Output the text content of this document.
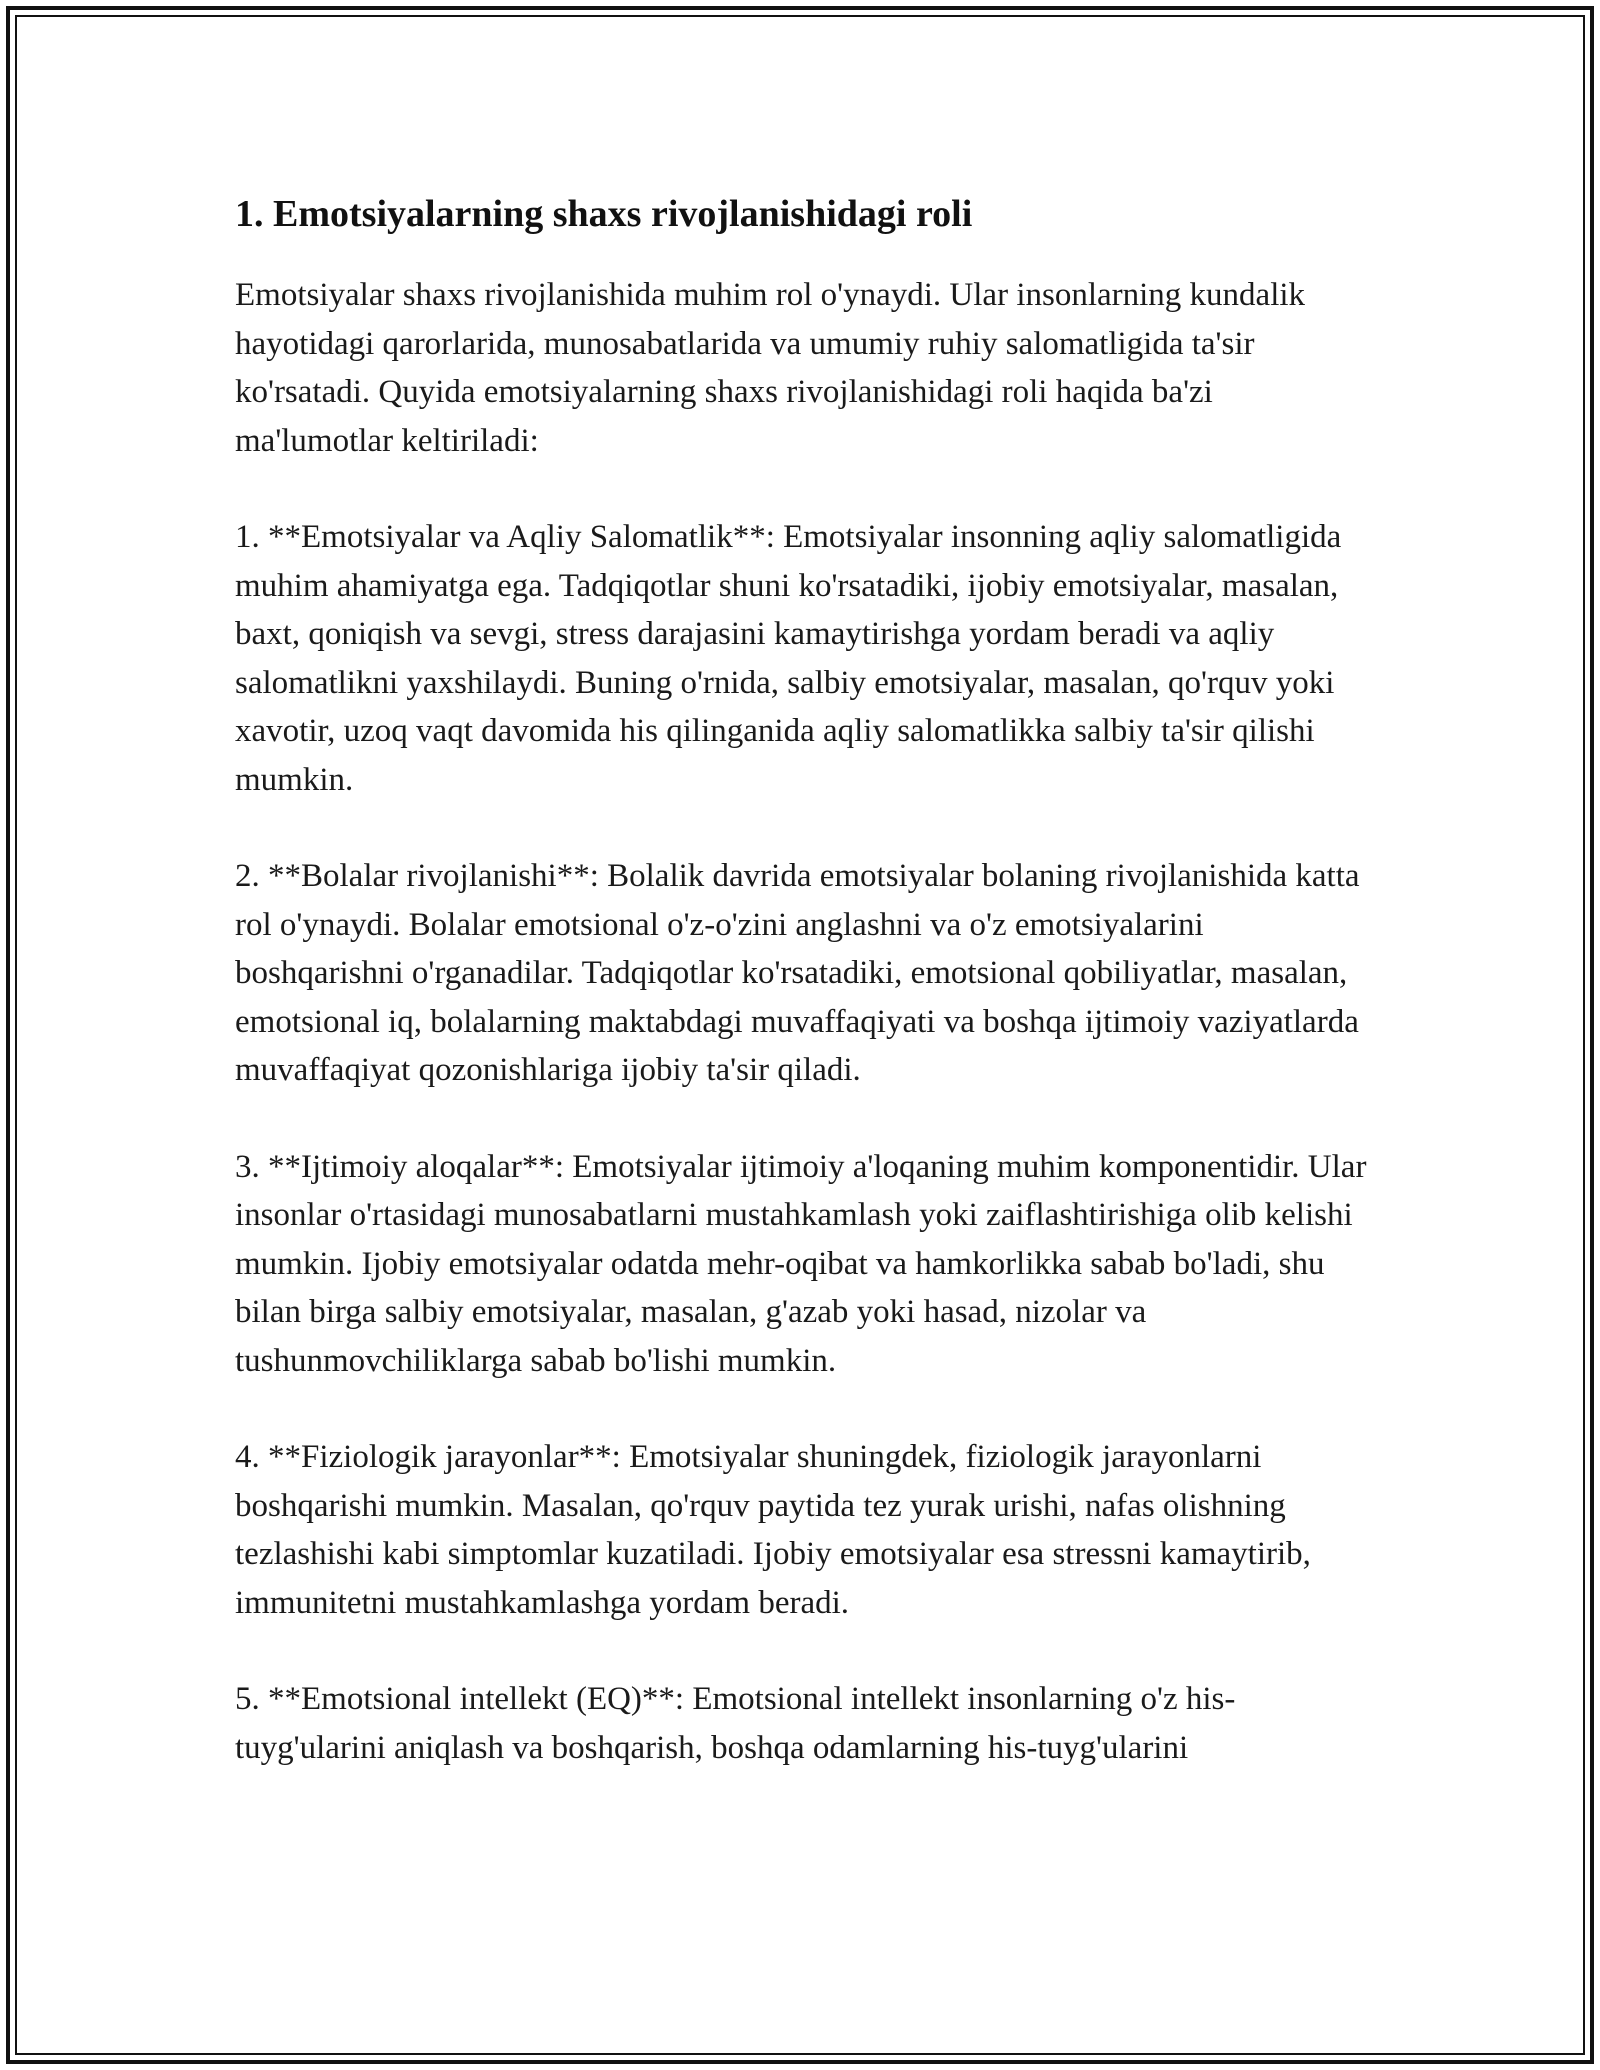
1. Emotsiyalarning shaxs rivojlanishidagi roli

Emotsiyalar shaxs rivojlanishida muhim rol o'ynaydi. Ular insonlarning kundalik hayotidagi qarorlarida, munosabatlarida va umumiy ruhiy salomatligida ta'sir ko'rsatadi. Quyida emotsiyalarning shaxs rivojlanishidagi roli haqida ba'zi ma'lumotlar keltiriladi:

1. **Emotsiyalar va Aqliy Salomatlik**: Emotsiyalar insonning aqliy salomatligida muhim ahamiyatga ega. Tadqiqotlar shuni ko'rsatadiki, ijobiy emotsiyalar, masalan, baxt, qoniqish va sevgi, stress darajasini kamaytirishga yordam beradi va aqliy salomatlikni yaxshilaydi. Buning o'rnida, salbiy emotsiyalar, masalan, qo'rquv yoki xavotir, uzoq vaqt davomida his qilinganida aqliy salomatlikka salbiy ta'sir qilishi mumkin.

2. **Bolalar rivojlanishi**: Bolalik davrida emotsiyalar bolaning rivojlanishida katta rol o'ynaydi. Bolalar emotsional o'z-o'zini anglashni va o'z emotsiyalarini boshqarishni o'rganadilar. Tadqiqotlar ko'rsatadiki, emotsional qobiliyatlar, masalan, emotsional iq, bolalarning maktabdagi muvaffaqiyati va boshqa ijtimoiy vaziyatlarda muvaffaqiyat qozonishlariga ijobiy ta'sir qiladi.

3. **Ijtimoiy aloqalar**: Emotsiyalar ijtimoiy a'loqaning muhim komponentidir. Ular insonlar o'rtasidagi munosabatlarni mustahkamlash yoki zaiflashtirishiga olib kelishi mumkin. Ijobiy emotsiyalar odatda mehr-oqibat va hamkorlikka sabab bo'ladi, shu bilan birga salbiy emotsiyalar, masalan, g'azab yoki hasad, nizolar va tushunmovchiliklarga sabab bo'lishi mumkin.

4. **Fiziologik jarayonlar**: Emotsiyalar shuningdek, fiziologik jarayonlarni boshqarishi mumkin. Masalan, qo'rquv paytida tez yurak urishi, nafas olishning tezlashishi kabi simptomlar kuzatiladi. Ijobiy emotsiyalar esa stressni kamaytirib, immunitetni mustahkamlashga yordam beradi.

5. **Emotsional intellekt (EQ)**: Emotsional intellekt insonlarning o'z his-tuyg'ularini aniqlash va boshqarish, boshqa odamlarning his-tuyg'ularini
